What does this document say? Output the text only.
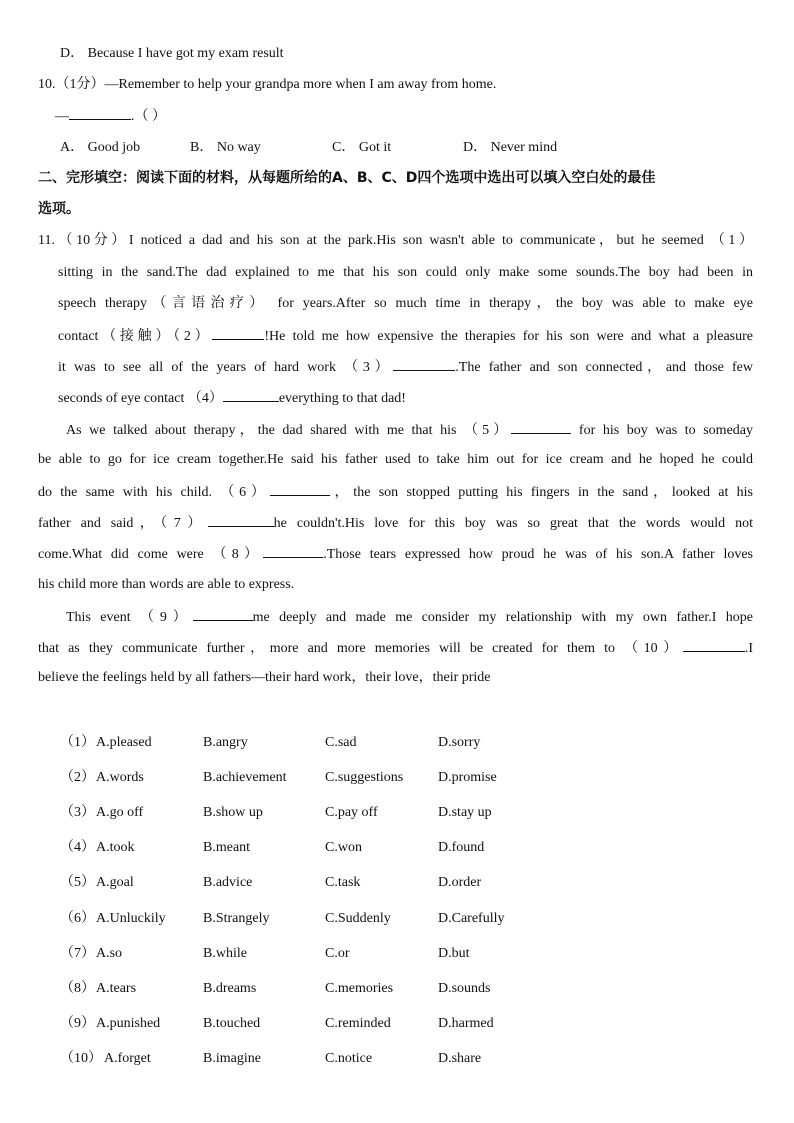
D． Because I have got my exam result
10.（1分）—Remember to help your grandpa more when I am away from home.
—	.（ ）
A． Good job	B． No way	C． Got it	D． Never mind
二、完形填空：阅读下面的材料，从每题所给的A、B、C、D四个选项中选出可以填入空白处的最佳
选项。
11.（10分）I noticed a dad and his son at the park.His son wasn't able to communicate，but he seemed （1）
sitting in the sand.The dad explained to me that his son could only make some sounds.The boy had been in
speech therapy（言语治疗） for years.After so much time in therapy，the boy was able to make eye
contact（接触）（2）	!He told me how expensive the therapies for his son were and what a pleasure
it was to see all of the years of hard work （3）	.The father and son connected，and those few
seconds of eye contact （4）	everything to that dad!
As we talked about therapy，the dad shared with me that his （5）	for his boy was to someday
be able to go for ice cream together.He said his father used to take him out for ice cream and he hoped he could
do the same with his child. （6）	，the son stopped putting his fingers in the sand，looked at his
father and said，（7）	he couldn't.His love for this boy was so great that the words would not
come.What did come were （8）	.Those tears expressed how proud he was of his son.A father loves
his child more than words are able to express.
This event （9）	me deeply and made me consider my relationship with my own father.I hope
that as they communicate further，more and more memories will be created for them to （10）	.I
believe the feelings held by all fathers—their hard work，their love，their pride
（1） A.pleased	B.angry	C.sad	D.sorry
（2） A.words	B.achievement	C.suggestions D.promise
（3） A.go off	B.show up	C.pay off	D.stay up
（4） A.took	B.meant	C.won	D.found
（5） A.goal	B.advice	C.task	D.order
（6） A.Unluckily	B.Strangely	C.Suddenly	D.Carefully
（7） A.so	B.while	C.or	D.but
（8） A.tears	B.dreams	C.memories	D.sounds
（9） A.punished	B.touched	C.reminded	D.harmed
（10） A.forget	B.imagine	C.notice	D.share
